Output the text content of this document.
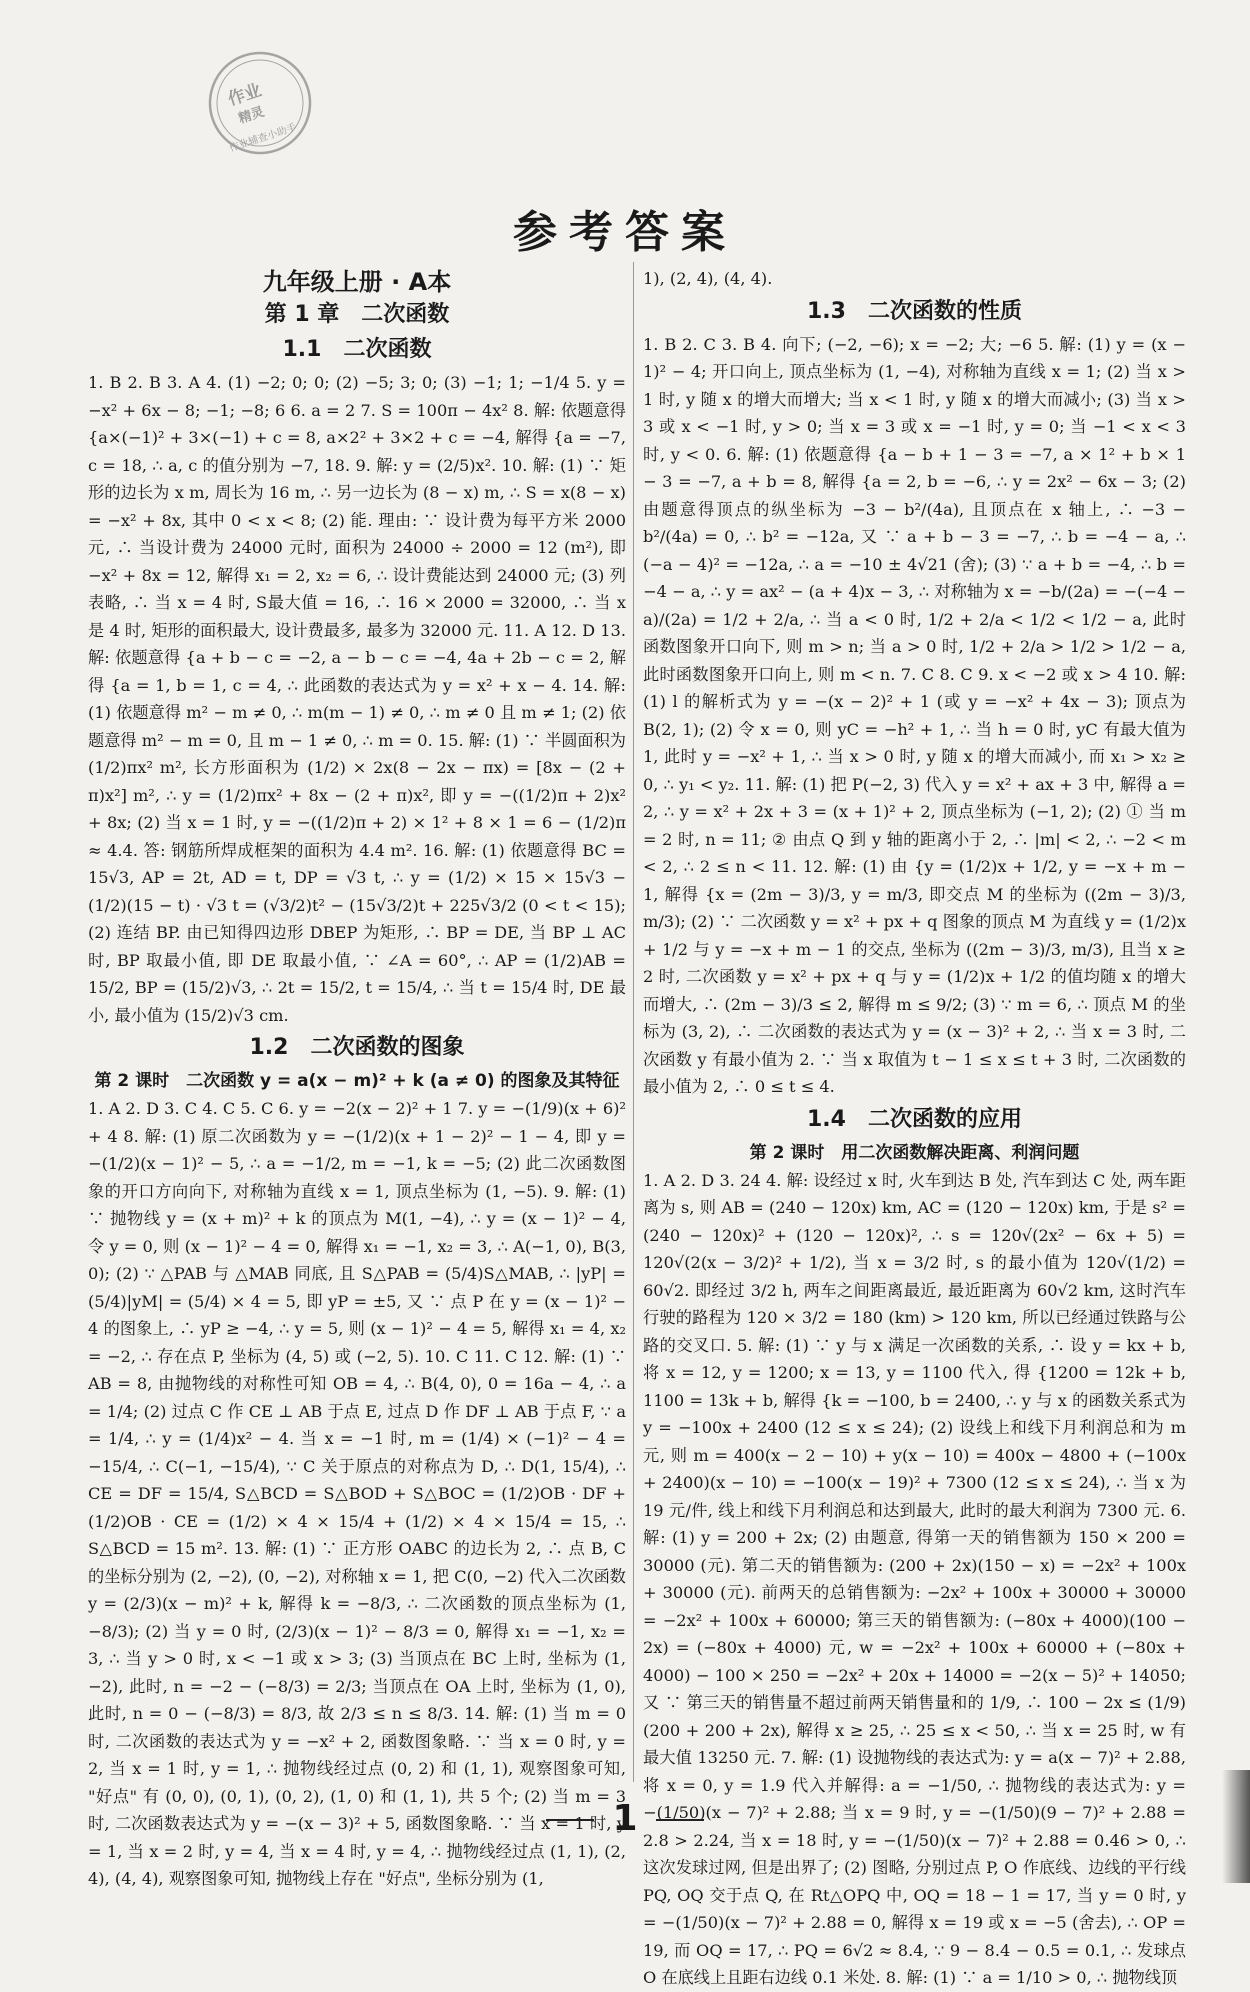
作业
精灵
作业辅查小助手
参考答案
九年级上册 · A本
第 1 章　二次函数
1.1　二次函数

1. B 2. B 3. A 4. (1) −2; 0; 0; (2) −5; 3; 0; (3) −1; 1; −1/4 5. y = −x² + 6x − 8; −1; −8; 6 6. a = 2 7. S = 100π − 4x² 8. 解: 依题意得 {a×(−1)² + 3×(−1) + c = 8, a×2² + 3×2 + c = −4, 解得 {a = −7, c = 18, ∴ a, c 的值分别为 −7, 18. 9. 解: y = (2/5)x². 10. 解: (1) ∵ 矩形的边长为 x m, 周长为 16 m, ∴ 另一边长为 (8 − x) m, ∴ S = x(8 − x) = −x² + 8x, 其中 0 < x < 8; (2) 能. 理由: ∵ 设计费为每平方米 2000 元, ∴ 当设计费为 24000 元时, 面积为 24000 ÷ 2000 = 12 (m²), 即 −x² + 8x = 12, 解得 x₁ = 2, x₂ = 6, ∴ 设计费能达到 24000 元; (3) 列表略, ∴ 当 x = 4 时, S最大值 = 16, ∴ 16 × 2000 = 32000, ∴ 当 x 是 4 时, 矩形的面积最大, 设计费最多, 最多为 32000 元. 11. A 12. D 13. 解: 依题意得 {a + b − c = −2, a − b − c = −4, 4a + 2b − c = 2, 解得 {a = 1, b = 1, c = 4, ∴ 此函数的表达式为 y = x² + x − 4. 14. 解: (1) 依题意得 m² − m ≠ 0, ∴ m(m − 1) ≠ 0, ∴ m ≠ 0 且 m ≠ 1; (2) 依题意得 m² − m = 0, 且 m − 1 ≠ 0, ∴ m = 0. 15. 解: (1) ∵ 半圆面积为 (1/2)πx² m², 长方形面积为 (1/2) × 2x(8 − 2x − πx) = [8x − (2 + π)x²] m², ∴ y = (1/2)πx² + 8x − (2 + π)x², 即 y = −((1/2)π + 2)x² + 8x; (2) 当 x = 1 时, y = −((1/2)π + 2) × 1² + 8 × 1 = 6 − (1/2)π ≈ 4.4. 答: 钢筋所焊成框架的面积为 4.4 m². 16. 解: (1) 依题意得 BC = 15√3, AP = 2t, AD = t, DP = √3 t, ∴ y = (1/2) × 15 × 15√3 − (1/2)(15 − t) · √3 t = (√3/2)t² − (15√3/2)t + 225√3/2 (0 < t < 15); (2) 连结 BP. 由已知得四边形 DBEP 为矩形, ∴ BP = DE, 当 BP ⊥ AC 时, BP 取最小值, 即 DE 取最小值, ∵ ∠A = 60°, ∴ AP = (1/2)AB = 15/2, BP = (15/2)√3, ∴ 2t = 15/2, t = 15/4, ∴ 当 t = 15/4 时, DE 最小, 最小值为 (15/2)√3 cm.

1.2　二次函数的图象
第 2 课时　二次函数 y = a(x − m)² + k (a ≠ 0) 的图象及其特征

1. A 2. D 3. C 4. C 5. C 6. y = −2(x − 2)² + 1 7. y = −(1/9)(x + 6)² + 4 8. 解: (1) 原二次函数为 y = −(1/2)(x + 1 − 2)² − 1 − 4, 即 y = −(1/2)(x − 1)² − 5, ∴ a = −1/2, m = −1, k = −5; (2) 此二次函数图象的开口方向向下, 对称轴为直线 x = 1, 顶点坐标为 (1, −5). 9. 解: (1) ∵ 抛物线 y = (x + m)² + k 的顶点为 M(1, −4), ∴ y = (x − 1)² − 4, 令 y = 0, 则 (x − 1)² − 4 = 0, 解得 x₁ = −1, x₂ = 3, ∴ A(−1, 0), B(3, 0); (2) ∵ △PAB 与 △MAB 同底, 且 S△PAB = (5/4)S△MAB, ∴ |yP| = (5/4)|yM| = (5/4) × 4 = 5, 即 yP = ±5, 又 ∵ 点 P 在 y = (x − 1)² − 4 的图象上, ∴ yP ≥ −4, ∴ y = 5, 则 (x − 1)² − 4 = 5, 解得 x₁ = 4, x₂ = −2, ∴ 存在点 P, 坐标为 (4, 5) 或 (−2, 5). 10. C 11. C 12. 解: (1) ∵ AB = 8, 由抛物线的对称性可知 OB = 4, ∴ B(4, 0), 0 = 16a − 4, ∴ a = 1/4; (2) 过点 C 作 CE ⊥ AB 于点 E, 过点 D 作 DF ⊥ AB 于点 F, ∵ a = 1/4, ∴ y = (1/4)x² − 4. 当 x = −1 时, m = (1/4) × (−1)² − 4 = −15/4, ∴ C(−1, −15/4), ∵ C 关于原点的对称点为 D, ∴ D(1, 15/4), ∴ CE = DF = 15/4, S△BCD = S△BOD + S△BOC = (1/2)OB · DF + (1/2)OB · CE = (1/2) × 4 × 15/4 + (1/2) × 4 × 15/4 = 15, ∴ S△BCD = 15 m². 13. 解: (1) ∵ 正方形 OABC 的边长为 2, ∴ 点 B, C 的坐标分别为 (2, −2), (0, −2), 对称轴 x = 1, 把 C(0, −2) 代入二次函数 y = (2/3)(x − m)² + k, 解得 k = −8/3, ∴ 二次函数的顶点坐标为 (1, −8/3); (2) 当 y = 0 时, (2/3)(x − 1)² − 8/3 = 0, 解得 x₁ = −1, x₂ = 3, ∴ 当 y > 0 时, x < −1 或 x > 3; (3) 当顶点在 BC 上时, 坐标为 (1, −2), 此时, n = −2 − (−8/3) = 2/3; 当顶点在 OA 上时, 坐标为 (1, 0), 此时, n = 0 − (−8/3) = 8/3, 故 2/3 ≤ n ≤ 8/3. 14. 解: (1) 当 m = 0 时, 二次函数的表达式为 y = −x² + 2, 函数图象略. ∵ 当 x = 0 时, y = 2, 当 x = 1 时, y = 1, ∴ 抛物线经过点 (0, 2) 和 (1, 1), 观察图象可知, "好点" 有 (0, 0), (0, 1), (0, 2), (1, 0) 和 (1, 1), 共 5 个; (2) 当 m = 3 时, 二次函数表达式为 y = −(x − 3)² + 5, 函数图象略. ∵ 当 x = 1 时, y = 1, 当 x = 2 时, y = 4, 当 x = 4 时, y = 4, ∴ 抛物线经过点 (1, 1), (2, 4), (4, 4), 观察图象可知, 抛物线上存在 "好点", 坐标分别为 (1,

1), (2, 4), (4, 4).

1.3　二次函数的性质

1. B 2. C 3. B 4. 向下; (−2, −6); x = −2; 大; −6 5. 解: (1) y = (x − 1)² − 4; 开口向上, 顶点坐标为 (1, −4), 对称轴为直线 x = 1; (2) 当 x > 1 时, y 随 x 的增大而增大; 当 x < 1 时, y 随 x 的增大而减小; (3) 当 x > 3 或 x < −1 时, y > 0; 当 x = 3 或 x = −1 时, y = 0; 当 −1 < x < 3 时, y < 0. 6. 解: (1) 依题意得 {a − b + 1 − 3 = −7, a × 1² + b × 1 − 3 = −7, a + b = 8, 解得 {a = 2, b = −6, ∴ y = 2x² − 6x − 3; (2) 由题意得顶点的纵坐标为 −3 − b²/(4a), 且顶点在 x 轴上, ∴ −3 − b²/(4a) = 0, ∴ b² = −12a, 又 ∵ a + b − 3 = −7, ∴ b = −4 − a, ∴ (−a − 4)² = −12a, ∴ a = −10 ± 4√21 (舍); (3) ∵ a + b = −4, ∴ b = −4 − a, ∴ y = ax² − (a + 4)x − 3, ∴ 对称轴为 x = −b/(2a) = −(−4 − a)/(2a) = 1/2 + 2/a, ∴ 当 a < 0 时, 1/2 + 2/a < 1/2 < 1/2 − a, 此时函数图象开口向下, 则 m > n; 当 a > 0 时, 1/2 + 2/a > 1/2 > 1/2 − a, 此时函数图象开口向上, 则 m < n. 7. C 8. C 9. x < −2 或 x > 4 10. 解: (1) l 的解析式为 y = −(x − 2)² + 1 (或 y = −x² + 4x − 3); 顶点为 B(2, 1); (2) 令 x = 0, 则 yC = −h² + 1, ∴ 当 h = 0 时, yC 有最大值为 1, 此时 y = −x² + 1, ∴ 当 x > 0 时, y 随 x 的增大而减小, 而 x₁ > x₂ ≥ 0, ∴ y₁ < y₂. 11. 解: (1) 把 P(−2, 3) 代入 y = x² + ax + 3 中, 解得 a = 2, ∴ y = x² + 2x + 3 = (x + 1)² + 2, 顶点坐标为 (−1, 2); (2) ① 当 m = 2 时, n = 11; ② 由点 Q 到 y 轴的距离小于 2, ∴ |m| < 2, ∴ −2 < m < 2, ∴ 2 ≤ n < 11. 12. 解: (1) 由 {y = (1/2)x + 1/2, y = −x + m − 1, 解得 {x = (2m − 3)/3, y = m/3, 即交点 M 的坐标为 ((2m − 3)/3, m/3); (2) ∵ 二次函数 y = x² + px + q 图象的顶点 M 为直线 y = (1/2)x + 1/2 与 y = −x + m − 1 的交点, 坐标为 ((2m − 3)/3, m/3), 且当 x ≥ 2 时, 二次函数 y = x² + px + q 与 y = (1/2)x + 1/2 的值均随 x 的增大而增大, ∴ (2m − 3)/3 ≤ 2, 解得 m ≤ 9/2; (3) ∵ m = 6, ∴ 顶点 M 的坐标为 (3, 2), ∴ 二次函数的表达式为 y = (x − 3)² + 2, ∴ 当 x = 3 时, 二次函数 y 有最小值为 2. ∵ 当 x 取值为 t − 1 ≤ x ≤ t + 3 时, 二次函数的最小值为 2, ∴ 0 ≤ t ≤ 4.

1.4　二次函数的应用
第 2 课时　用二次函数解决距离、利润问题

1. A 2. D 3. 24 4. 解: 设经过 x 时, 火车到达 B 处, 汽车到达 C 处, 两车距离为 s, 则 AB = (240 − 120x) km, AC = (120 − 120x) km, 于是 s² = (240 − 120x)² + (120 − 120x)², ∴ s = 120√(2x² − 6x + 5) = 120√(2(x − 3/2)² + 1/2), 当 x = 3/2 时, s 的最小值为 120√(1/2) = 60√2. 即经过 3/2 h, 两车之间距离最近, 最近距离为 60√2 km, 这时汽车行驶的路程为 120 × 3/2 = 180 (km) > 120 km, 所以已经通过铁路与公路的交叉口. 5. 解: (1) ∵ y 与 x 满足一次函数的关系, ∴ 设 y = kx + b, 将 x = 12, y = 1200; x = 13, y = 1100 代入, 得 {1200 = 12k + b, 1100 = 13k + b, 解得 {k = −100, b = 2400, ∴ y 与 x 的函数关系式为 y = −100x + 2400 (12 ≤ x ≤ 24); (2) 设线上和线下月利润总和为 m 元, 则 m = 400(x − 2 − 10) + y(x − 10) = 400x − 4800 + (−100x + 2400)(x − 10) = −100(x − 19)² + 7300 (12 ≤ x ≤ 24), ∴ 当 x 为 19 元/件, 线上和线下月利润总和达到最大, 此时的最大利润为 7300 元. 6. 解: (1) y = 200 + 2x; (2) 由题意, 得第一天的销售额为 150 × 200 = 30000 (元). 第二天的销售额为: (200 + 2x)(150 − x) = −2x² + 100x + 30000 (元). 前两天的总销售额为: −2x² + 100x + 30000 + 30000 = −2x² + 100x + 60000; 第三天的销售额为: (−80x + 4000)(100 − 2x) = (−80x + 4000) 元, w = −2x² + 100x + 60000 + (−80x + 4000) − 100 × 250 = −2x² + 20x + 14000 = −2(x − 5)² + 14050; 又 ∵ 第三天的销售量不超过前两天销售量和的 1/9, ∴ 100 − 2x ≤ (1/9)(200 + 200 + 2x), 解得 x ≥ 25, ∴ 25 ≤ x < 50, ∴ 当 x = 25 时, w 有最大值 13250 元. 7. 解: (1) 设抛物线的表达式为: y = a(x − 7)² + 2.88, 将 x = 0, y = 1.9 代入并解得: a = −1/50, ∴ 抛物线的表达式为: y = −(1/50)(x − 7)² + 2.88; 当 x = 9 时, y = −(1/50)(9 − 7)² + 2.88 = 2.8 > 2.24, 当 x = 18 时, y = −(1/50)(x − 7)² + 2.88 = 0.46 > 0, ∴ 这次发球过网, 但是出界了; (2) 图略, 分别过点 P, O 作底线、边线的平行线 PQ, OQ 交于点 Q, 在 Rt△OPQ 中, OQ = 18 − 1 = 17, 当 y = 0 时, y = −(1/50)(x − 7)² + 2.88 = 0, 解得 x = 19 或 x = −5 (舍去), ∴ OP = 19, 而 OQ = 17, ∴ PQ = 6√2 ≈ 8.4, ∵ 9 − 8.4 − 0.5 = 0.1, ∴ 发球点 O 在底线上且距右边线 0.1 米处. 8. 解: (1) ∵ a = 1/10 > 0, ∴ 抛物线顶

1
